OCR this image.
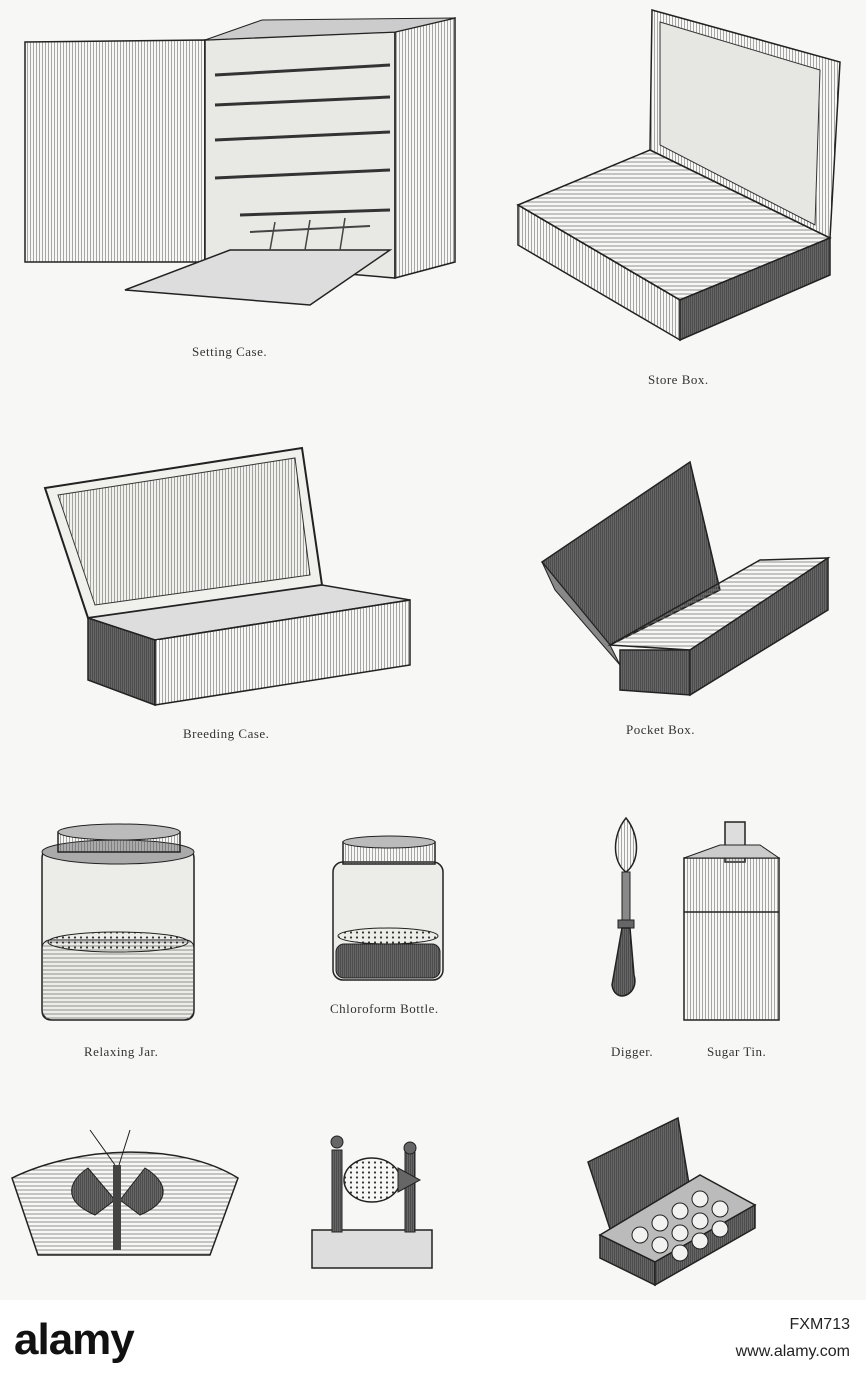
Setting Case.
Store Box.
Breeding Case.	Pocket Box.
Relaxing Jar.
Chloroform Bottle.
Digger.	Sugar Tin.
alamy	FXM713
www.alamy.com
